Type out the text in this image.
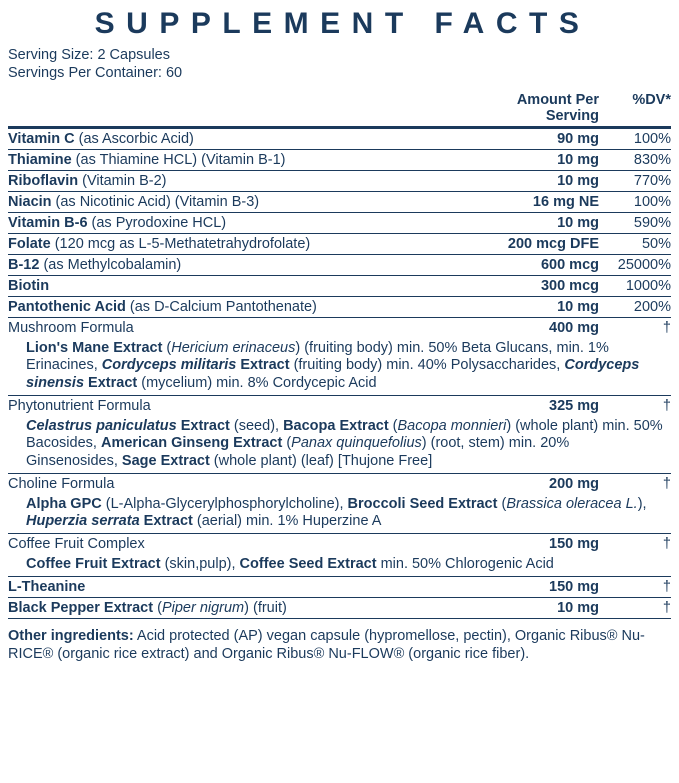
SUPPLEMENT FACTS
Serving Size: 2 Capsules
Servings Per Container: 60
	Amount Per Serving	%DV*
Vitamin C (as Ascorbic Acid)	90 mg	100%
Thiamine (as Thiamine HCL) (Vitamin B-1)	10 mg	830%
Riboflavin (Vitamin B-2)	10 mg	770%
Niacin (as Nicotinic Acid) (Vitamin B-3)	16 mg NE	100%
Vitamin B-6 (as Pyrodoxine HCL)	10 mg	590%
Folate (120 mcg as L-5-Methatetrahydrofolate)	200 mcg DFE	50%
B-12 (as Methylcobalamin)	600 mcg	25000%
Biotin	300 mcg	1000%
Pantothenic Acid (as D-Calcium Pantothenate)	10 mg	200%
Mushroom Formula	400 mg	†
Lion's Mane Extract (Hericium erinaceus) (fruiting body) min. 50% Beta Glucans, min. 1% Erinacines, Cordyceps militaris Extract (fruiting body) min. 40% Polysaccharides, Cordyceps sinensis Extract (mycelium) min. 8% Cordycepic Acid		
Phytonutrient Formula	325 mg	†
Celastrus paniculatus Extract (seed), Bacopa Extract (Bacopa monnieri) (whole plant) min. 50% Bacosides, American Ginseng Extract (Panax quinquefolius) (root, stem) min. 20% Ginsenosides, Sage Extract (whole plant) (leaf) [Thujone Free]		
Choline Formula	200 mg	†
Alpha GPC (L-Alpha-Glycerylphosphorylcholine), Broccoli Seed Extract (Brassica oleracea L.), Huperzia serrata Extract (aerial) min. 1% Huperzine A		
Coffee Fruit Complex	150 mg	†
Coffee Fruit Extract (skin,pulp), Coffee Seed Extract min. 50% Chlorogenic Acid		
L-Theanine	150 mg	†
Black Pepper Extract (Piper nigrum) (fruit)	10 mg	†
Other ingredients: Acid protected (AP) vegan capsule (hypromellose, pectin), Organic Ribus® Nu-RICE® (organic rice extract) and Organic Ribus® Nu-FLOW® (organic rice fiber).
